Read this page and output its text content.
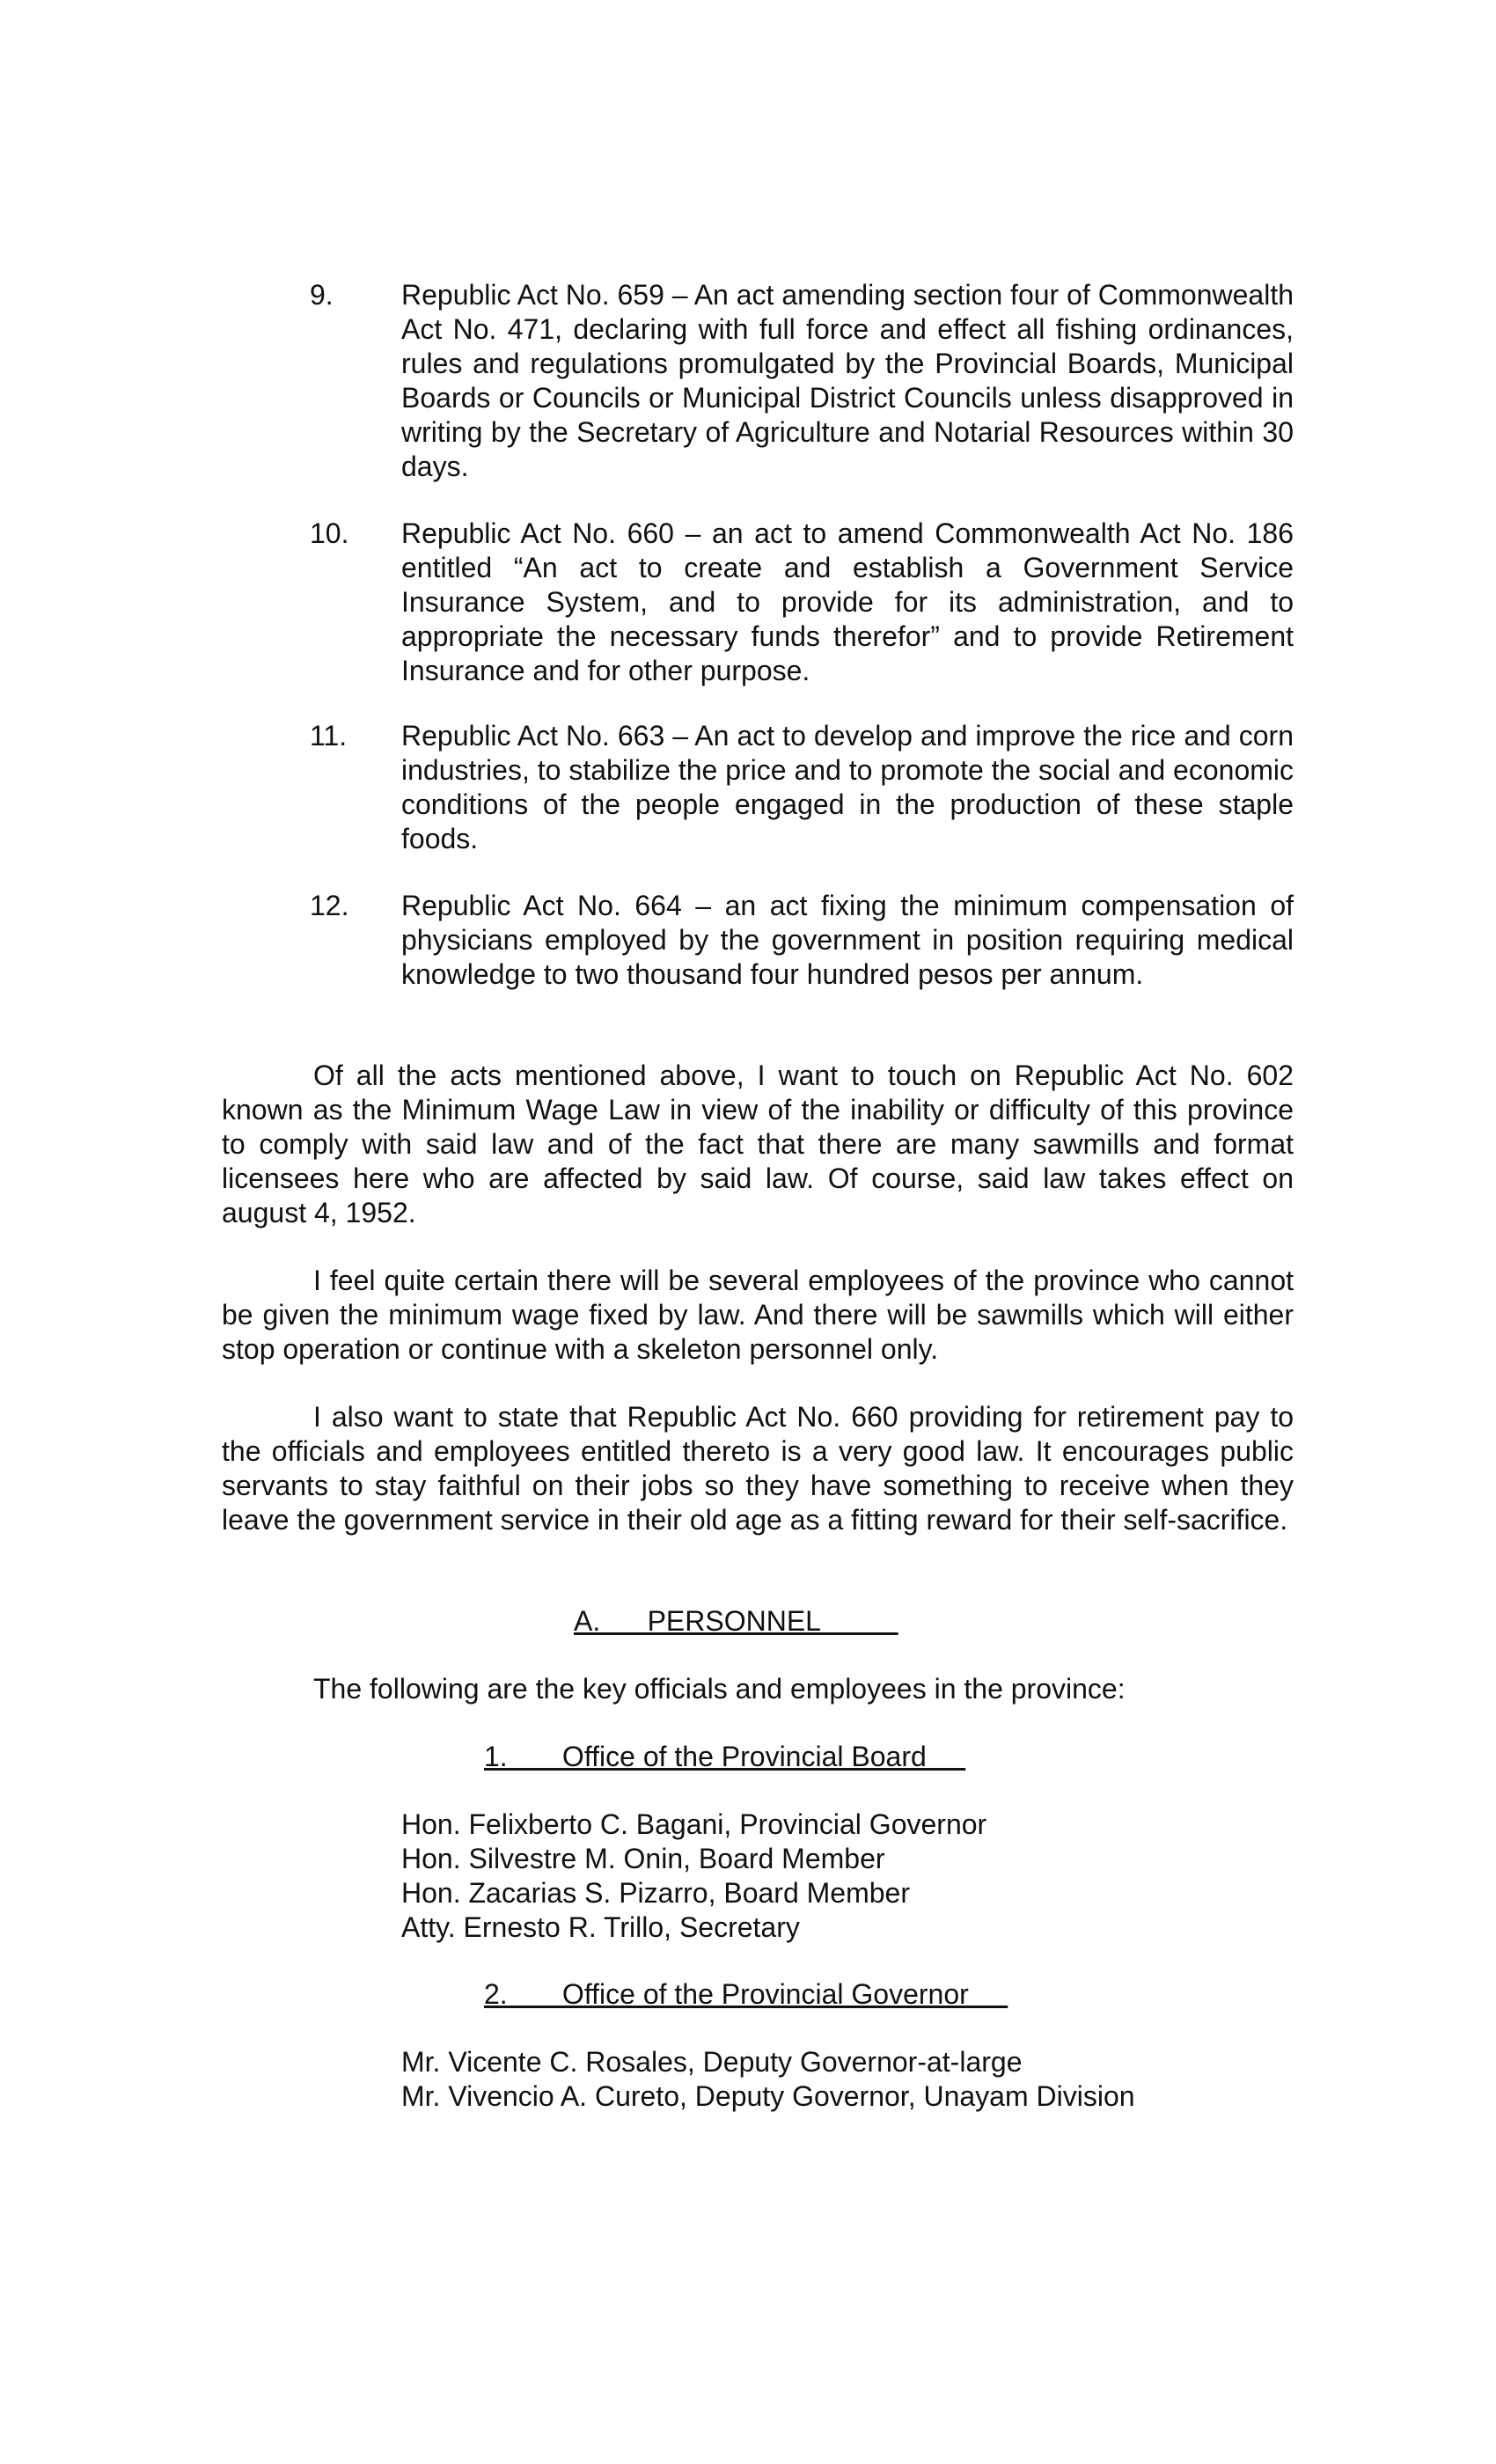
9. Republic Act No. 659 – An act amending section four of Commonwealth Act No. 471, declaring with full force and effect all fishing ordinances, rules and regulations promulgated by the Provincial Boards, Municipal Boards or Councils or Municipal District Councils unless disapproved in writing by the Secretary of Agriculture and Notarial Resources within 30 days.
10. Republic Act No. 660 – an act to amend Commonwealth Act No. 186 entitled “An act to create and establish a Government Service Insurance System, and to provide for its administration, and to appropriate the necessary funds therefor” and to provide Retirement Insurance and for other purpose.
11. Republic Act No. 663 – An act to develop and improve the rice and corn industries, to stabilize the price and to promote the social and economic conditions of the people engaged in the production of these staple foods.
12. Republic Act No. 664 – an act fixing the minimum compensation of physicians employed by the government in position requiring medical knowledge to two thousand four hundred pesos per annum.
Of all the acts mentioned above, I want to touch on Republic Act No. 602 known as the Minimum Wage Law in view of the inability or difficulty of this province to comply with said law and of the fact that there are many sawmills and format licensees here who are affected by said law. Of course, said law takes effect on august 4, 1952.
I feel quite certain there will be several employees of the province who cannot be given the minimum wage fixed by law. And there will be sawmills which will either stop operation or continue with a skeleton personnel only.
I also want to state that Republic Act No. 660 providing for retirement pay to the officials and employees entitled thereto is a very good law. It encourages public servants to stay faithful on their jobs so they have something to receive when they leave the government service in their old age as a fitting reward for their self-sacrifice.
A.      PERSONNEL
The following are the key officials and employees in the province:
1.       Office of the Provincial Board
Hon. Felixberto C. Bagani, Provincial Governor
Hon. Silvestre M. Onin, Board Member
Hon. Zacarias S. Pizarro, Board Member
Atty. Ernesto R. Trillo, Secretary
2.       Office of the Provincial Governor
Mr. Vicente C. Rosales, Deputy Governor-at-large
Mr. Vivencio A. Cureto, Deputy Governor, Unayam Division
